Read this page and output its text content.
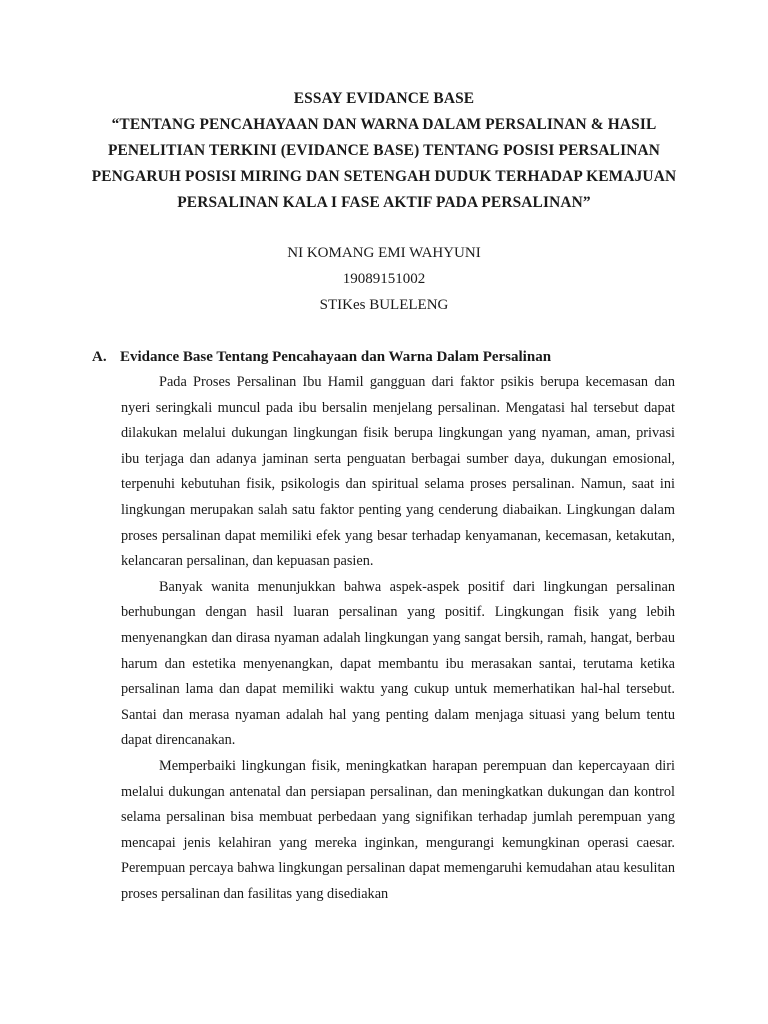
ESSAY EVIDANCE BASE
“TENTANG PENCAHAYAAN DAN WARNA DALAM PERSALINAN & HASIL
PENELITIAN TERKINI (EVIDANCE BASE) TENTANG POSISI PERSALINAN
PENGARUH POSISI MIRING DAN SETENGAH DUDUK TERHADAP KEMAJUAN
PERSALINAN KALA I FASE AKTIF PADA PERSALINAN”
NI KOMANG EMI WAHYUNI
19089151002
STIKes BULELENG
A. Evidance Base Tentang Pencahayaan dan Warna Dalam Persalinan

Pada Proses Persalinan Ibu Hamil gangguan dari faktor psikis berupa kecemasan dan nyeri seringkali muncul pada ibu bersalin menjelang persalinan. Mengatasi hal tersebut dapat dilakukan melalui dukungan lingkungan fisik berupa lingkungan yang nyaman, aman, privasi ibu terjaga dan adanya jaminan serta penguatan berbagai sumber daya, dukungan emosional, terpenuhi kebutuhan fisik, psikologis dan spiritual selama proses persalinan. Namun, saat ini lingkungan merupakan salah satu faktor penting yang cenderung diabaikan. Lingkungan dalam proses persalinan dapat memiliki efek yang besar terhadap kenyamanan, kecemasan, ketakutan, kelancaran persalinan, dan kepuasan pasien.

Banyak wanita menunjukkan bahwa aspek-aspek positif dari lingkungan persalinan berhubungan dengan hasil luaran persalinan yang positif. Lingkungan fisik yang lebih menyenangkan dan dirasa nyaman adalah lingkungan yang sangat bersih, ramah, hangat, berbau harum dan estetika menyenangkan, dapat membantu ibu merasakan santai, terutama ketika persalinan lama dan dapat memiliki waktu yang cukup untuk memerhatikan hal-hal tersebut. Santai dan merasa nyaman adalah hal yang penting dalam menjaga situasi yang belum tentu dapat direncanakan.

Memperbaiki lingkungan fisik, meningkatkan harapan perempuan dan kepercayaan diri melalui dukungan antenatal dan persiapan persalinan, dan meningkatkan dukungan dan kontrol selama persalinan bisa membuat perbedaan yang signifikan terhadap jumlah perempuan yang mencapai jenis kelahiran yang mereka inginkan, mengurangi kemungkinan operasi caesar. Perempuan percaya bahwa lingkungan persalinan dapat memengaruhi kemudahan atau kesulitan proses persalinan dan fasilitas yang disediakan
